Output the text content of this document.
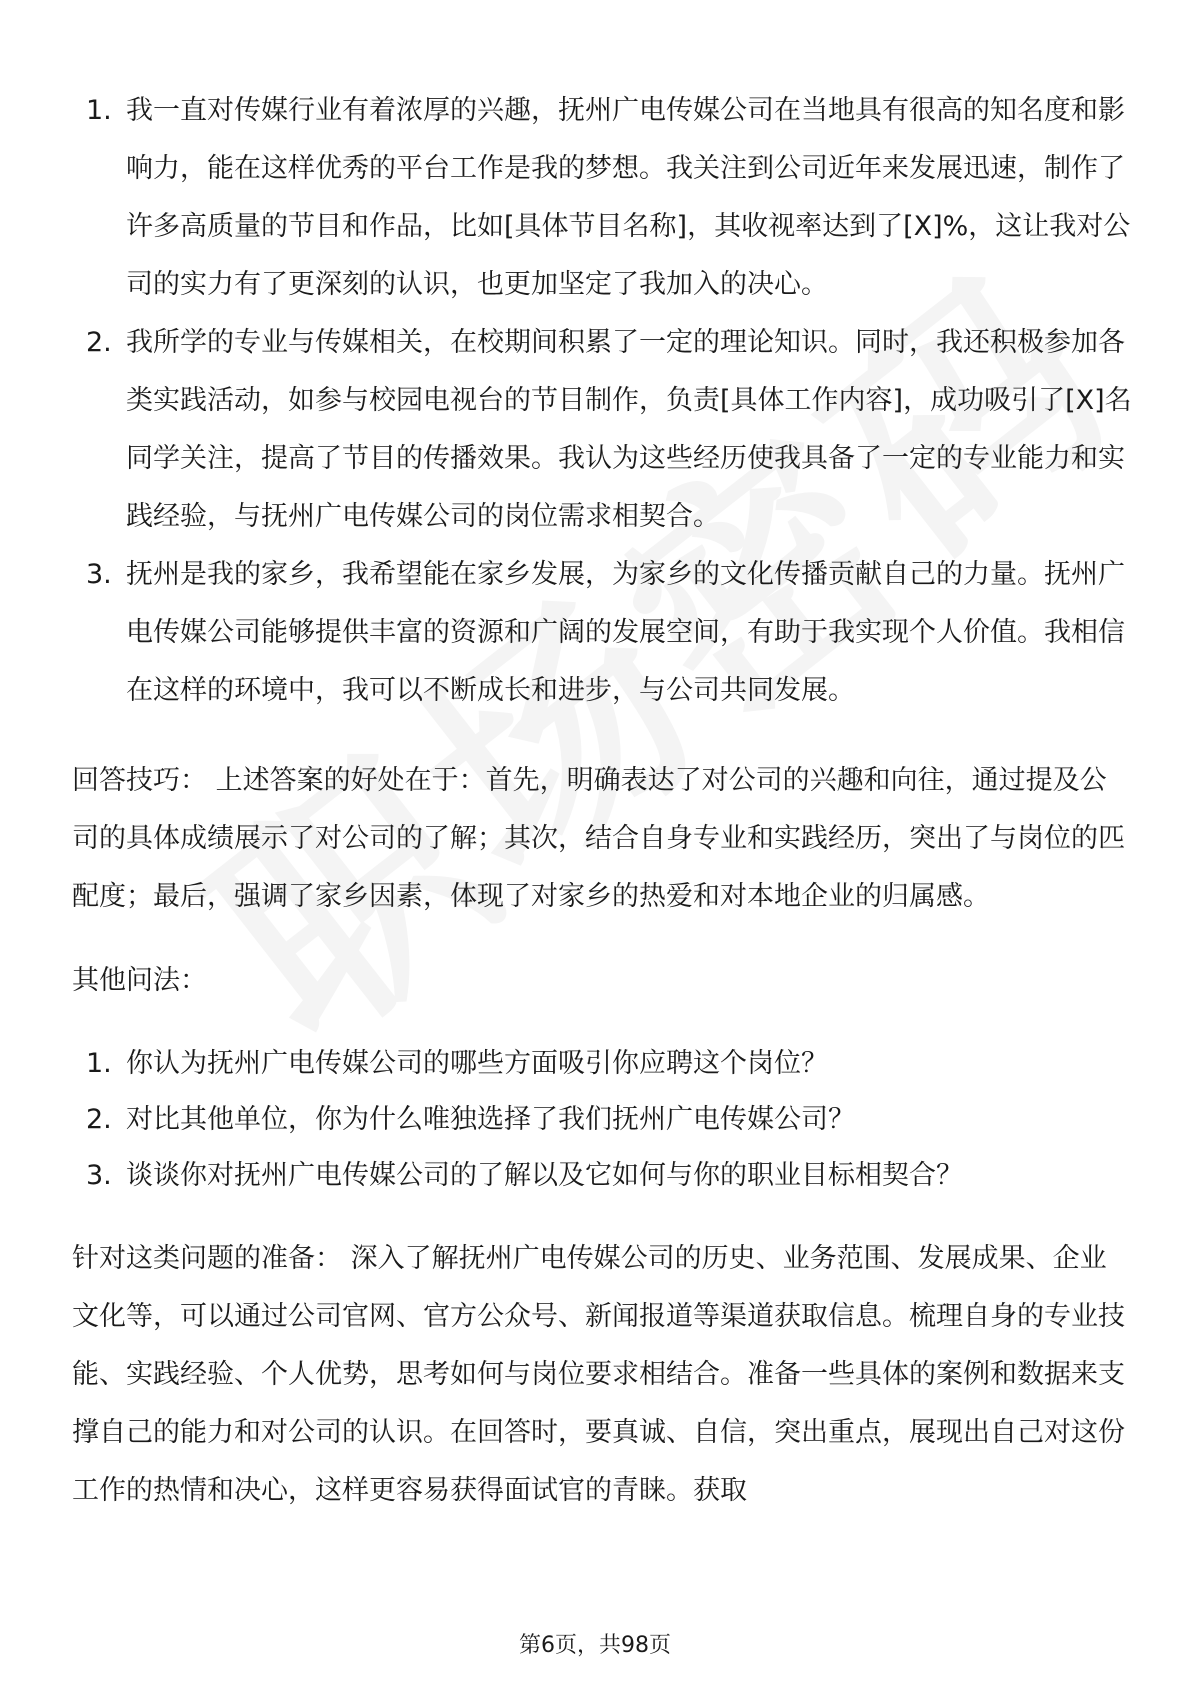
1. 我一直对传媒行业有着浓厚的兴趣，抚州广电传媒公司在当地具有很高的知名度和影响力，能在这样优秀的平台工作是我的梦想。我关注到公司近年来发展迅速，制作了许多高质量的节目和作品，比如[具体节目名称]，其收视率达到了[X]%，这让我对公司的实力有了更深刻的认识，也更加坚定了我加入的决心。
2. 我所学的专业与传媒相关，在校期间积累了一定的理论知识。同时，我还积极参加各类实践活动，如参与校园电视台的节目制作，负责[具体工作内容]，成功吸引了[X]名同学关注，提高了节目的传播效果。我认为这些经历使我具备了一定的专业能力和实践经验，与抚州广电传媒公司的岗位需求相契合。
3. 抚州是我的家乡，我希望能在家乡发展，为家乡的文化传播贡献自己的力量。抚州广电传媒公司能够提供丰富的资源和广阔的发展空间，有助于我实现个人价值。我相信在这样的环境中，我可以不断成长和进步，与公司共同发展。

回答技巧： 上述答案的好处在于：首先，明确表达了对公司的兴趣和向往，通过提及公司的具体成绩展示了对公司的了解；其次，结合自身专业和实践经历，突出了与岗位的匹配度；最后，强调了家乡因素，体现了对家乡的热爱和对本地企业的归属感。

其他问法：

1. 你认为抚州广电传媒公司的哪些方面吸引你应聘这个岗位？
2. 对比其他单位，你为什么唯独选择了我们抚州广电传媒公司？
3. 谈谈你对抚州广电传媒公司的了解以及它如何与你的职业目标相契合？

针对这类问题的准备： 深入了解抚州广电传媒公司的历史、业务范围、发展成果、企业文化等，可以通过公司官网、官方公众号、新闻报道等渠道获取信息。梳理自身的专业技能、实践经验、个人优势，思考如何与岗位要求相结合。准备一些具体的案例和数据来支撑自己的能力和对公司的认识。在回答时，要真诚、自信，突出重点，展现出自己对这份工作的热情和决心，这样更容易获得面试官的青睐。获取

第6页，共98页
